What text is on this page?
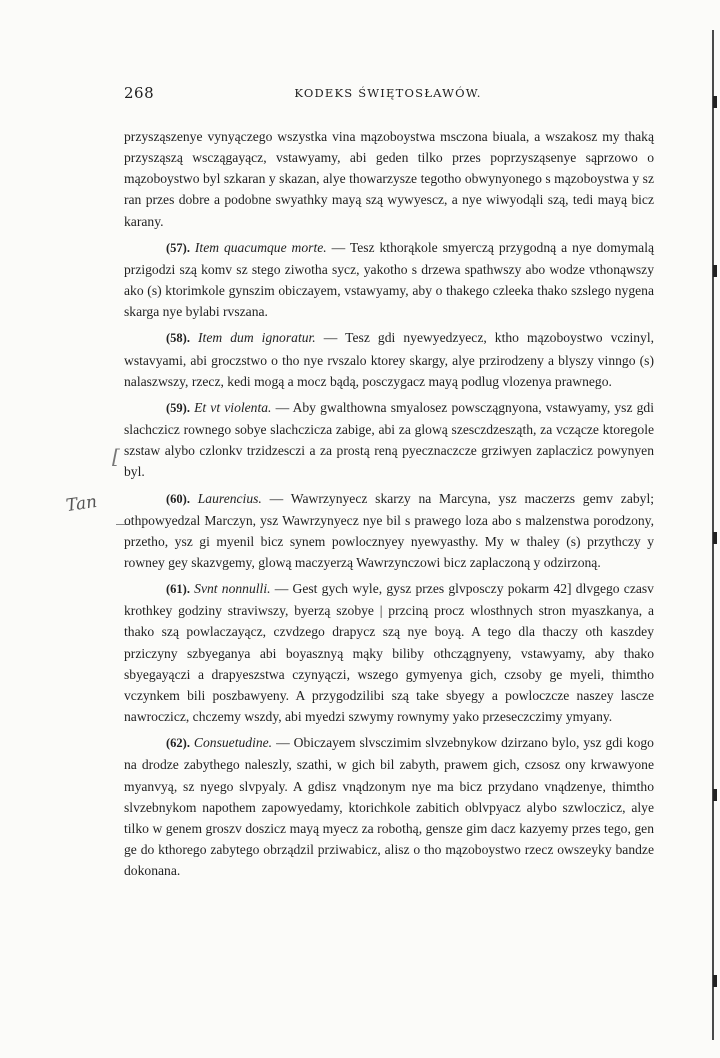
268	KODEKS ŚWIĘTOSŁAWÓW.
[
Tan

przysząszenye vynyączego wszystka vina mązoboystwa msczona biuala, a wszakosz my thaką przysząszą wsczągayącz, vstawyamy, abi geden tilko przes poprzysząsenye sąprzowo o mązoboystwo byl szkaran y skazan, alye thowarzysze tegotho obwynyonego s mązoboystwa y sz ran przes dobre a podobne swyathky mayą szą wywyescz, a nye wiwyodąli szą, tedi mayą bicz karany.

(57). Item quacumque morte. — Tesz kthorąkole smyerczą przygodną a nye domymalą przigodzi szą komv sz stego ziwotha sycz, yakotho s drzewa spathwszy abo wodze vthonąwszy ako (s) ktorimkole gynszim obiczayem, vstawyamy, aby o thakego czleeka thako szslego nygena skarga nye bylabi rvszana.

(58). Item dum ignoratur. — Tesz gdi nyewyedzyecz, ktho mązoboystwo vczinyl, wstavyami, abi groczstwo o tho nye rvszalo ktorey skargy, alye przirodzeny a blyszy vinngo (s) nalaszwszy, rzecz, kedi mogą a mocz bądą, posczygacz mayą podlug vlozenya prawnego.

(59). Et vt violenta. — Aby gwalthowna smyalosez powsczągnyona, vstawyamy, ysz gdi slachczicz rownego sobye slachczicza zabige, abi za glową szesczdzesząth, za vcząсze ktoregole szstaw alybo czlonkv trzidzesczi a za prostą reną pyecznaczсze grziwyen zaplaczicz powynyen byl.

(60). Laurencius. — Wawrzynyecz skarzy na Marcyna, ysz maczerzs gemv zabyl; othpowyedzal Marczyn, ysz Wawrzynyecz nye bil s prawego loza abo s malzenstwa porodzony, przetho, ysz gi myenil bicz synem powlocznyey nyewyasthy. My w thaley (s) przythczy y rowney gey skazvgemy, glową maczyerzą Wawrzynczowi bicz zaplaczoną y odzirzoną.

(61). Svnt nonnulli. — Gest gych wyle, gysz przes glvposczy pokarm 42] dlvgego czasv krothkey godziny straviwszy, byerzą szobye | przciną procz wlosthnych stron myaszkanya, a thako szą powlaczayącz, czvdzego drapycz szą nye boyą. A tego dla thaczy oth kaszdey prziczyny szbyeganya abi boyasznyą mąky biliby othczągnyeny, vstawyamy, aby thako sbyegayączi a drapyeszstwa czynyączi, wszego gymyenya gich, czsoby ge myeli, thimtho vczynkem bili poszbawyeny. A przygodzilibi szą take sbyegy a powloczсze naszey lascze nawroczicz, chczemy wszdy, abi myedzi szwymy rownymy yako przeseсzczimy ymyany.

(62). Consuetudine. — Obiczayem slvsczimim slvzebnykow dzirzano bylo, ysz gdi kogo na drodze zabythego naleszly, szathi, w gich bil zabyth, prawem gich, czsosz ony krwawyone myanvyą, sz nyego slvpyaly. A gdisz vnądzonym nye ma bicz przydano vnądzenye, thimtho slvzebnykom napothem zapowyedamy, ktorichkole zabitich oblvpyacz alybo szwloczicz, alye tilko w genem groszv doszicz mayą myecz za robothą, gensze gim dacz kazyemy przes tego, gen ge do kthorego zabytego obrządzil prziwabicz, alisz o tho mązoboystwo rzecz owszeyky bandze dokonana.
